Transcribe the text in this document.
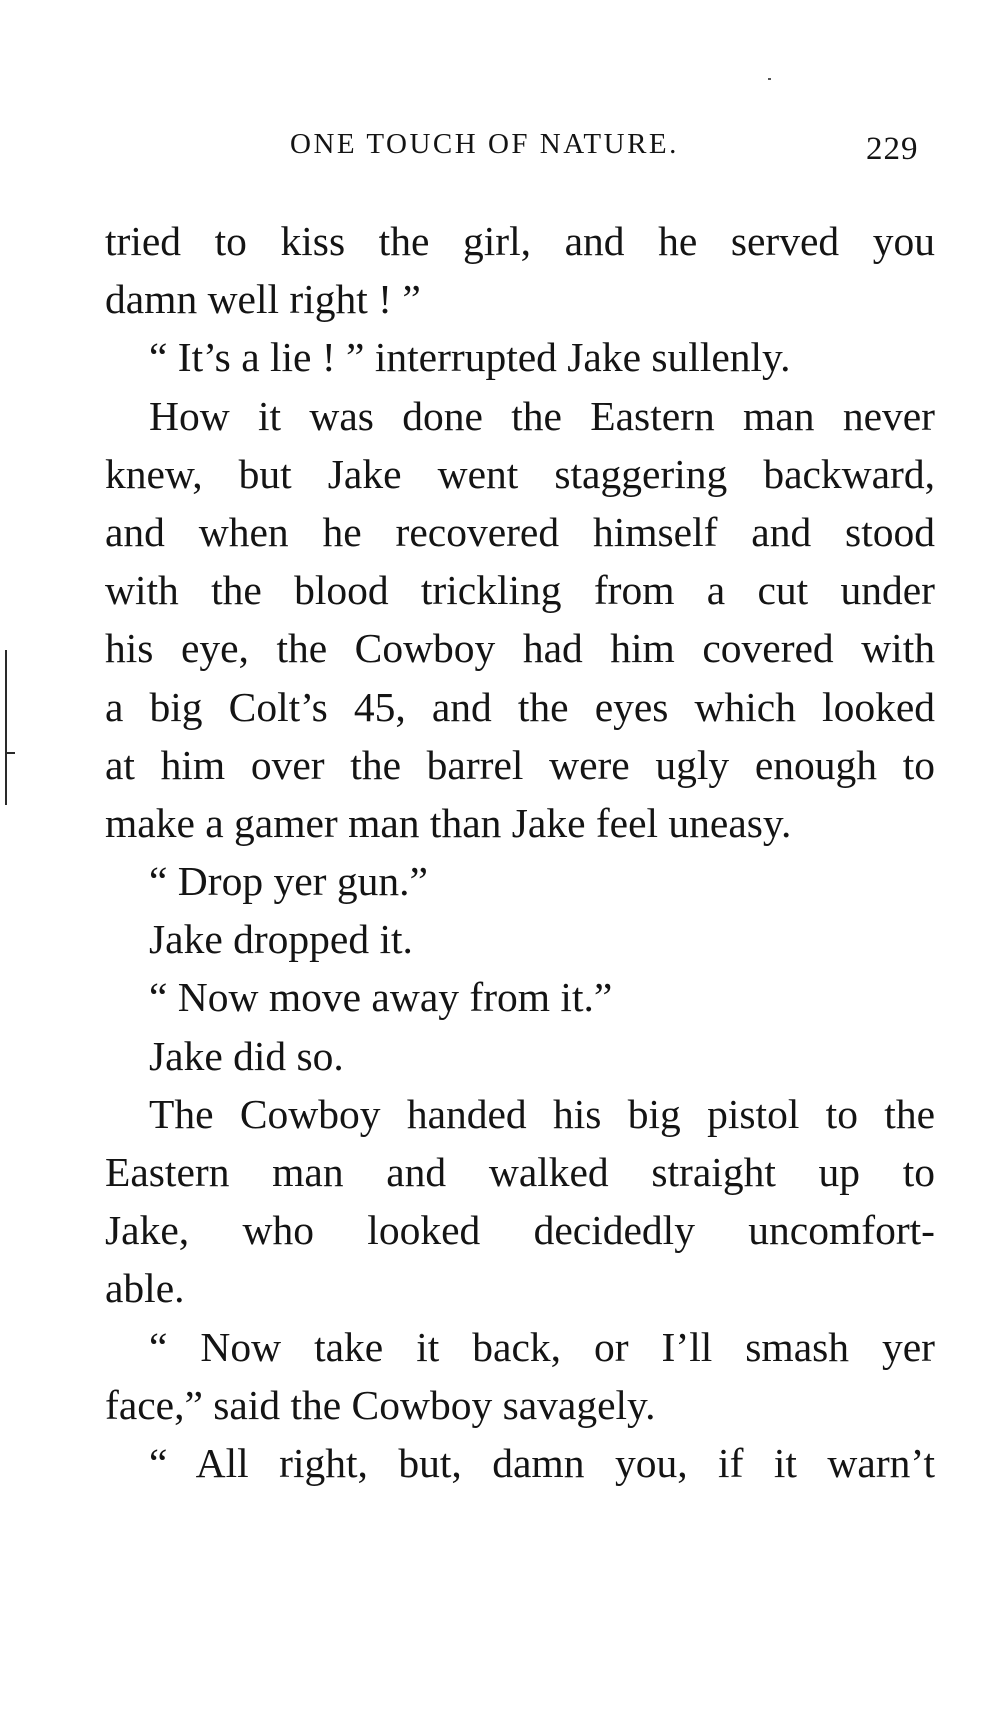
ONE TOUCH OF NATURE.	229
tried to kiss the girl, and he served you
damn well right ! ”
“ It’s a lie ! ” interrupted Jake sullenly.
How it was done the Eastern man never
knew, but Jake went staggering backward,
and when he recovered himself and stood
with the blood trickling from a cut under
his eye, the Cowboy had him covered with
a big Colt’s 45, and the eyes which looked
at him over the barrel were ugly enough to
make a gamer man than Jake feel uneasy.
“ Drop yer gun.”
Jake dropped it.
“ Now move away from it.”
Jake did so.
The Cowboy handed his big pistol to the
Eastern man and walked straight up to
Jake, who looked decidedly uncomfort-
able.
“ Now take it back, or I’ll smash yer
face,” said the Cowboy savagely.
“ All right, but, damn you, if it warn’t
